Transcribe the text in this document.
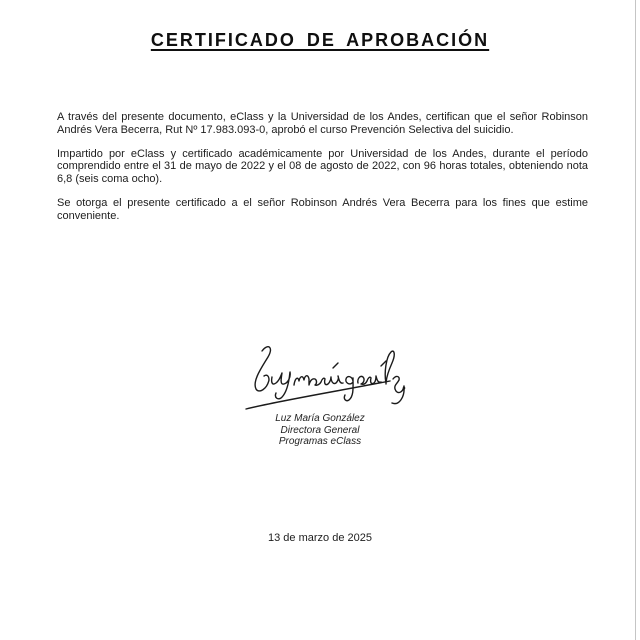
CERTIFICADO DE APROBACIÓN

A través del presente documento, eClass y la Universidad de los Andes, certifican que el señor Robinson Andrés Vera Becerra, Rut Nº 17.983.093-0, aprobó el curso Prevención Selectiva del suicidio.

Impartido por eClass y certificado académicamente por Universidad de los Andes, durante el período comprendido entre el 31 de mayo de 2022 y el 08 de agosto de 2022, con 96 horas totales, obteniendo nota 6,8 (seis coma ocho).

Se otorga el presente certificado a el señor Robinson Andrés Vera Becerra para los fines que estime conveniente.

Luz María González
Directora General
Programas eClass
13 de marzo de 2025
